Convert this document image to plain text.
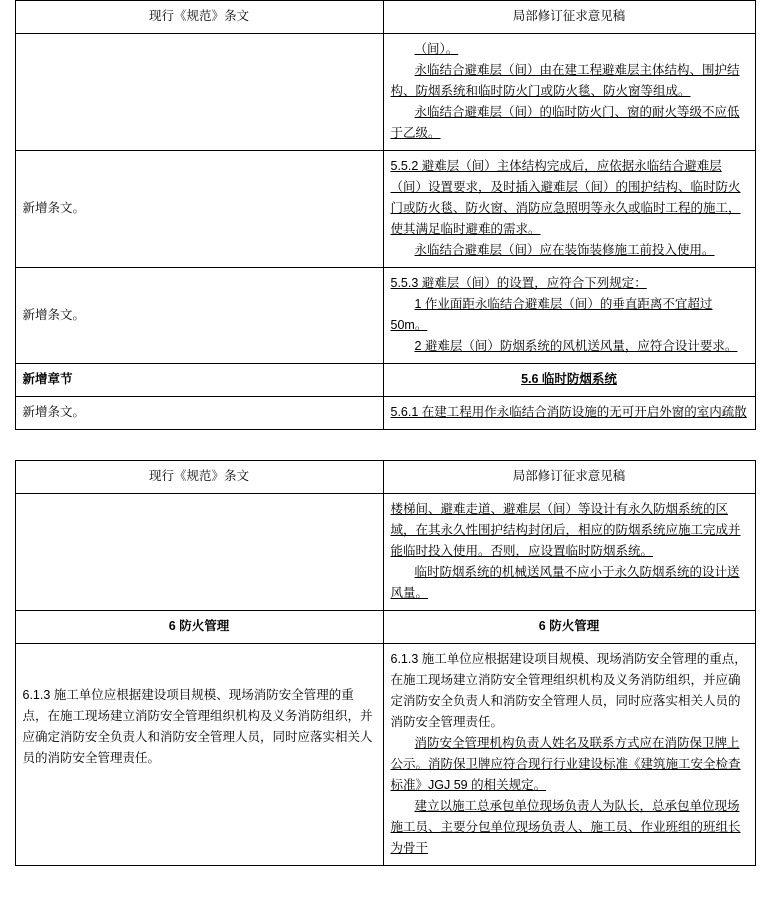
现行《规范》条文	局部修订征求意见稿

	（间）。

永临结合避难层（间）由在建工程避难层主体结构、围护结构、防烟系统和临时防火门或防火毯、防火窗等组成。

永临结合避难层（间）的临时防火门、窗的耐火等级不应低于乙级。

新增条文。	5.5.2 避难层（间）主体结构完成后，应依据永临结合避难层（间）设置要求，及时插入避难层（间）的围护结构、临时防火门或防火毯、防火窗、消防应急照明等永久或临时工程的施工，使其满足临时避难的需求。

永临结合避难层（间）应在装饰装修施工前投入使用。

新增条文。	5.5.3 避难层（间）的设置，应符合下列规定：

1 作业面距永临结合避难层（间）的垂直距离不宜超过 50m。

2 避难层（间）防烟系统的风机送风量，应符合设计要求。

新增章节	5.6 临时防烟系统
新增条文。	5.6.1 在建工程用作永临结合消防设施的无可开启外窗的室内疏散

现行《规范》条文	局部修订征求意见稿

	楼梯间、避难走道、避难层（间）等设计有永久防烟系统的区域，在其永久性围护结构封闭后，相应的防烟系统应施工完成并能临时投入使用。否则，应设置临时防烟系统。

临时防烟系统的机械送风量不应小于永久防烟系统的设计送风量。

6 防火管理	6 防火管理

6.1.3 施工单位应根据建设项目规模、现场消防安全管理的重点，在施工现场建立消防安全管理组织机构及义务消防组织，并应确定消防安全负责人和消防安全管理人员，同时应落实相关人员的消防安全管理责任。	6.1.3 施工单位应根据建设项目规模、现场消防安全管理的重点，在施工现场建立消防安全管理组织机构及义务消防组织，并应确定消防安全负责人和消防安全管理人员，同时应落实相关人员的消防安全管理责任。

消防安全管理机构负责人姓名及联系方式应在消防保卫牌上公示。消防保卫牌应符合现行行业建设标准《建筑施工安全检查标准》JGJ 59 的相关规定。

建立以施工总承包单位现场负责人为队长，总承包单位现场施工员、主要分包单位现场负责人、施工员、作业班组的班组长为骨干
